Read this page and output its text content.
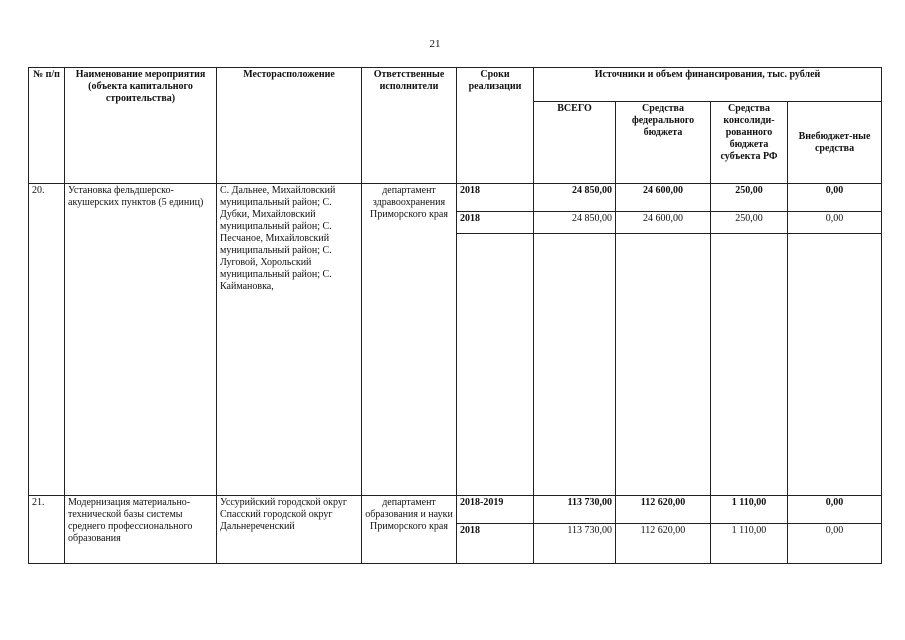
21
№ п/п	Наименование мероприятия (объекта капитального строительства)	Месторасположение	Ответственные исполнители	Сроки реализации	Источники и объем финансирования, тыс. рублей			
					ВСЕГО	Средства федерального бюджета	Средства консолиди-рованного бюджета субъекта РФ	Внебюджет-ные средства
20.	Установка фельдшерско-акушерских пунктов (5 единиц)	С. Дальнее, Михайловский муниципальный район; С. Дубки, Михайловский муниципальный район; С. Песчаное, Михайловский муниципальный район; С. Луговой, Хорольский муниципальный район; С. Каймановка,	департамент здравоохранения Приморского края	2018	24 850,00	24 600,00	250,00	0,00
				2018	24 850,00	24 600,00	250,00	0,00

21.	Модернизация материально-технической базы системы среднего профессионального образования	Уссурийский городской округ Спасский городской округ Дальнереченский	департамент образования и науки Приморского края	2018-2019	113 730,00	112 620,00	1 110,00	0,00
				2018	113 730,00	112 620,00	1 110,00	0,00
